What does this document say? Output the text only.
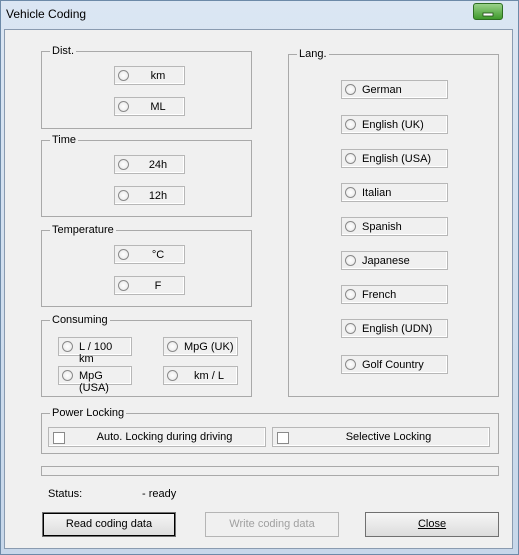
Vehicle Coding
Dist.
km
ML
Time
24h
12h
Temperature
°C
F
Consuming
L / 100 km
MpG (UK)
MpG (USA)
km / L
Lang.
German
English (UK)
English (USA)
Italian
Spanish
Japanese
French
English (UDN)
Golf Country
Power Locking
Auto. Locking during driving	Selective Locking
Status:	- ready
Read coding data	Write coding data	Close
